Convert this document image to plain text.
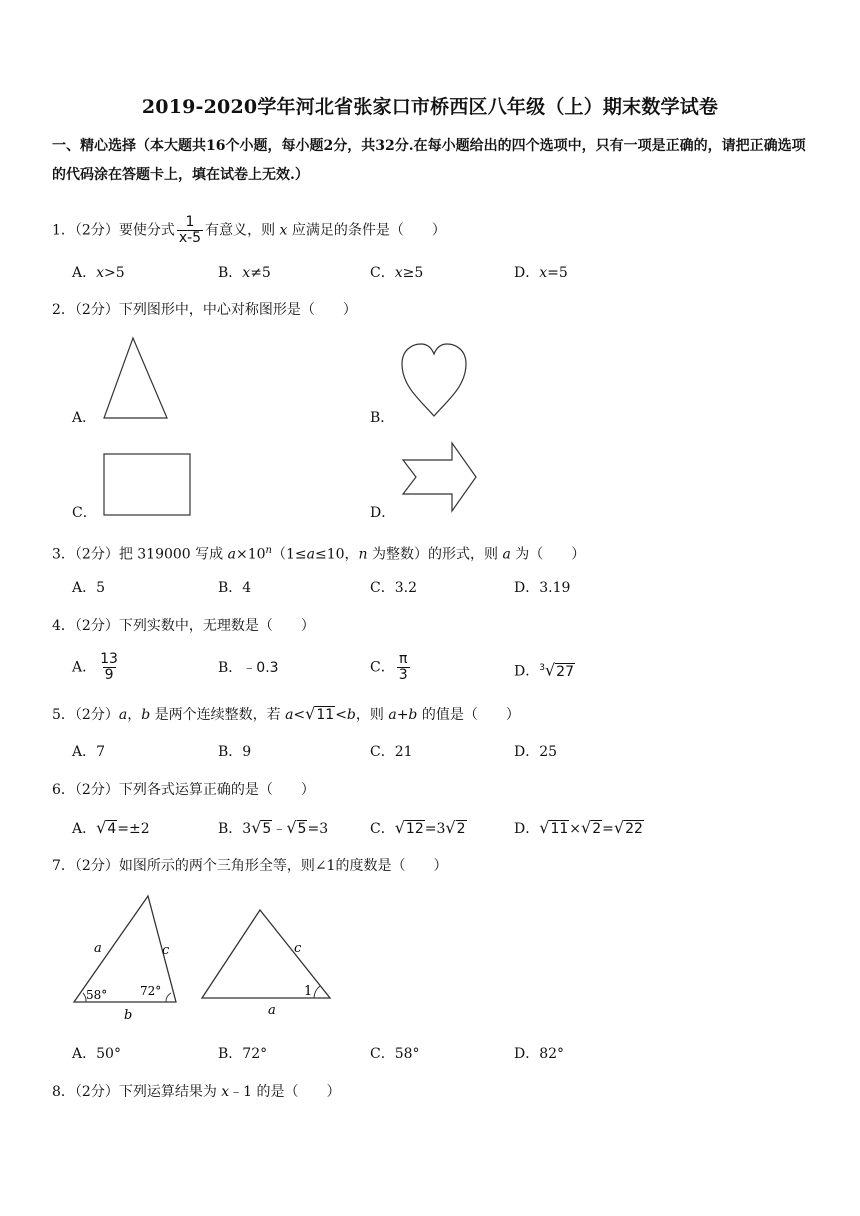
2019-2020学年河北省张家口市桥西区八年级（上）期末数学试卷
一、精心选择（本大题共16个小题，每小题2分，共32分.在每小题给出的四个选项中，只有一项是正确的，请把正确选项的代码涂在答题卡上，填在试卷上无效.）
1．（2分）要使分式 $\frac{1}{x-5}$ 有意义，则 x 应满足的条件是（　　）
A．x>5	B．x≠5	C．x≥5	D．x=5
2．（2分）下列图形中，中心对称图形是（　　）
A．	B．
C．	D．
3．（2分）把 319000 写成 $a\times 10^n(1\le a\le 10$，n 为整数）的形式，则 a 为（　　）
A．5	B．4	C．3.2	D．3.19
4．（2分）下列实数中，无理数是（　　）
A． $\frac{13}{9}$	B．﹣0.3	C． $\frac{\pi}{3}$	D．$^3$√27
5．（2分）a，b 是两个连续整数，若 a<√11<b，则 a+b 的值是（　　）
A．7	B．9	C．21	D．25
6．（2分）下列各式运算正确的是（　　）
A．√4=±2	B．3√5﹣√5=3	C．√12=3√2	D．√11×√2=√22
7．（2分）如图所示的两个三角形全等，则∠1的度数是（　　）
a	c
b
58°	72°
c
a
1
A．50°	B．72°	C．58°	D．82°
8．（2分）下列运算结果为 x﹣1 的是（　　）
